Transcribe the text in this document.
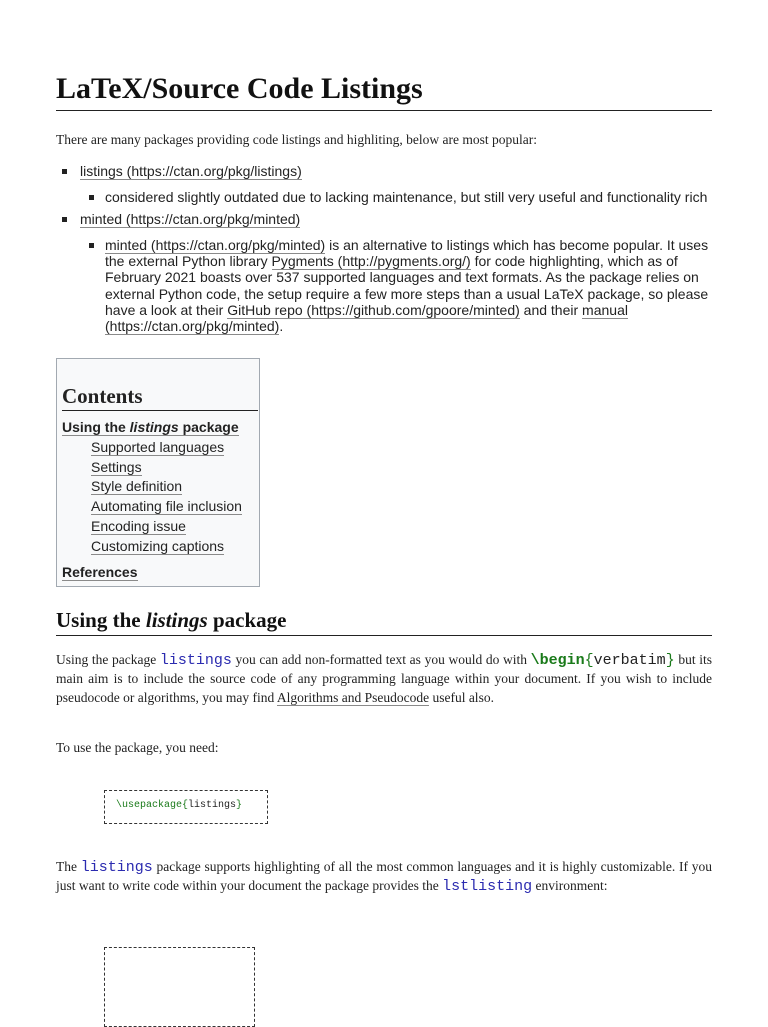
LaTeX/Source Code Listings

There are many packages providing code listings and highliting, below are most popular:

listings (https://ctan.org/pkg/listings)
considered slightly outdated due to lacking maintenance, but still very useful and functionality rich
minted (https://ctan.org/pkg/minted)
minted (https://ctan.org/pkg/minted) is an alternative to listings which has become popular. It uses the external Python library Pygments (http://pygments.org/) for code highlighting, which as of February 2021 boasts over 537 supported languages and text formats. As the package relies on external Python code, the setup require a few more steps than a usual LaTeX package, so please have a look at their GitHub repo (https://github.com/gpoore/minted) and their manual (https://ctan.org/pkg/minted).
Contents
Using the listings package
Supported languages
Settings
Style definition
Automating file inclusion
Encoding issue
Customizing captions
References
Using the listings package

Using the package listings you can add non-formatted text as you would do with \begin{verbatim} but its main aim is to include the source code of any programming language within your document. If you wish to include pseudocode or algorithms, you may find Algorithms and Pseudocode useful also.

To use the package, you need:

\usepackage{listings}

The listings package supports highlighting of all the most common languages and it is highly customizable. If you just want to write code within your document the package provides the lstlisting environment:
